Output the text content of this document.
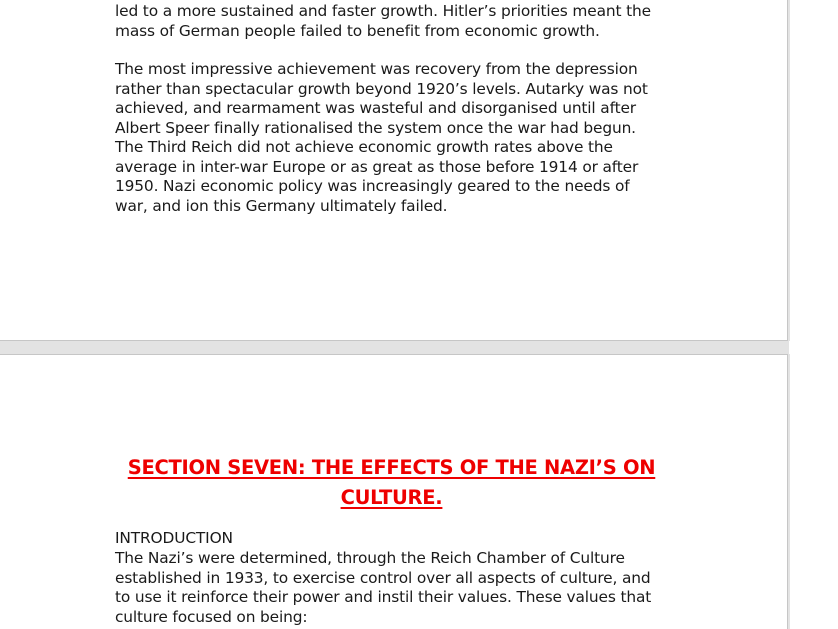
led to a more sustained and faster growth. Hitler’s priorities meant the
mass of German people failed to benefit from economic growth.

The most impressive achievement was recovery from the depression
rather than spectacular growth beyond 1920’s levels. Autarky was not
achieved, and rearmament was wasteful and disorganised until after
Albert Speer finally rationalised the system once the war had begun.
The Third Reich did not achieve economic growth rates above the
average in inter-war Europe or as great as those before 1914 or after
1950. Nazi economic policy was increasingly geared to the needs of
war, and ion this Germany ultimately failed.

SECTION SEVEN: THE EFFECTS OF THE NAZI’S ON
CULTURE.

INTRODUCTION

The Nazi’s were determined, through the Reich Chamber of Culture
established in 1933, to exercise control over all aspects of culture, and
to use it reinforce their power and instil their values. These values that
culture focused on being:
